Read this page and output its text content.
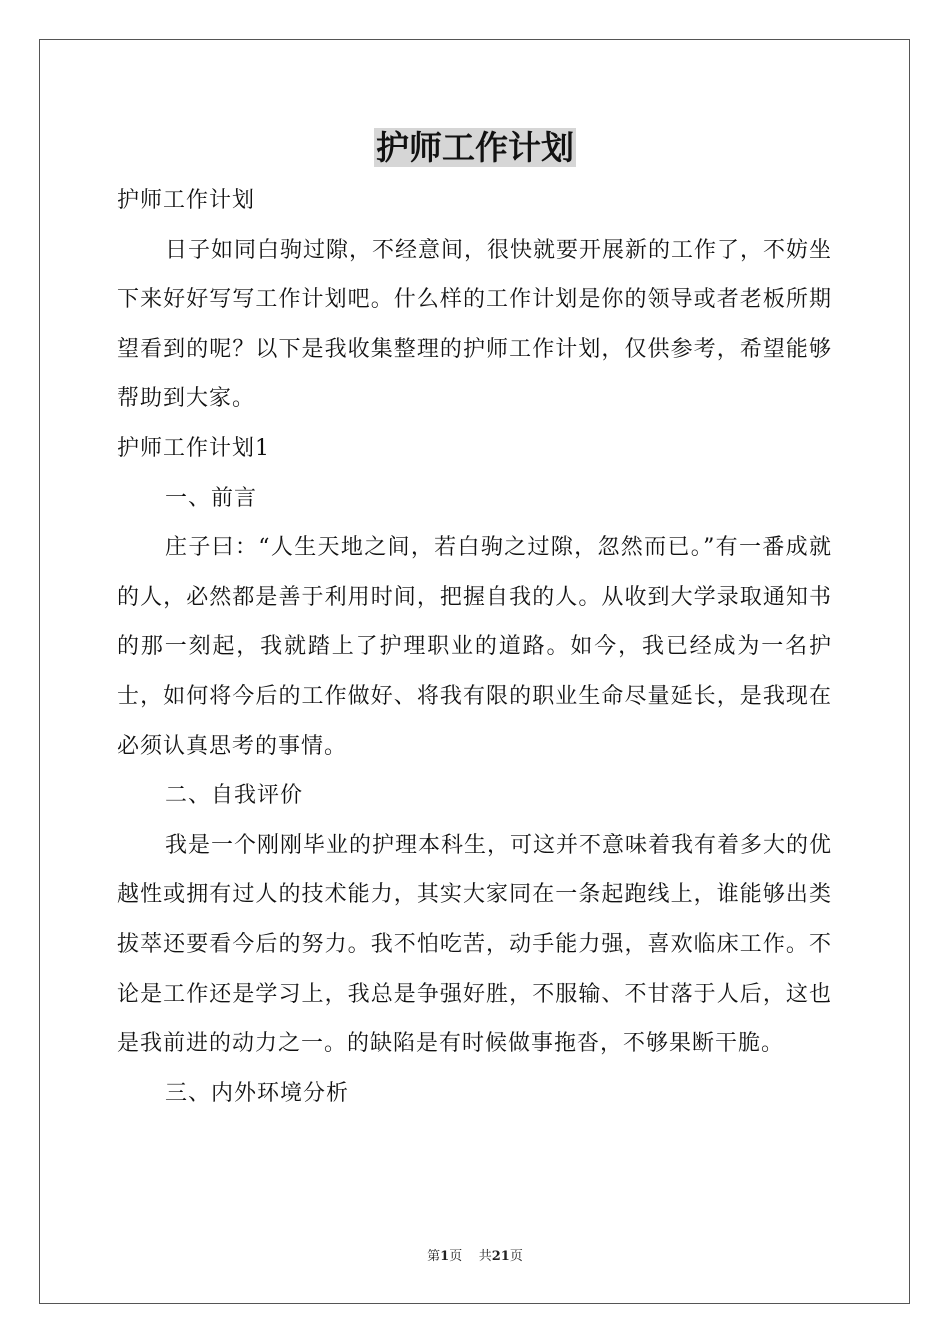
护师工作计划

护师工作计划

日子如同白驹过隙，不经意间，很快就要开展新的工作了，不妨坐下来好好写写工作计划吧。什么样的工作计划是你的领导或者老板所期望看到的呢？以下是我收集整理的护师工作计划，仅供参考，希望能够帮助到大家。

护师工作计划1

一、前言

庄子曰：“人生天地之间，若白驹之过隙，忽然而已。”有一番成就的人，必然都是善于利用时间，把握自我的人。从收到大学录取通知书的那一刻起，我就踏上了护理职业的道路。如今，我已经成为一名护士，如何将今后的工作做好、将我有限的职业生命尽量延长，是我现在必须认真思考的事情。

二、自我评价

我是一个刚刚毕业的护理本科生，可这并不意味着我有着多大的优越性或拥有过人的技术能力，其实大家同在一条起跑线上，谁能够出类拔萃还要看今后的努力。我不怕吃苦，动手能力强，喜欢临床工作。不论是工作还是学习上，我总是争强好胜，不服输、不甘落于人后，这也是我前进的动力之一。的缺陷是有时候做事拖沓，不够果断干脆。

三、内外环境分析

第1页 共21页
